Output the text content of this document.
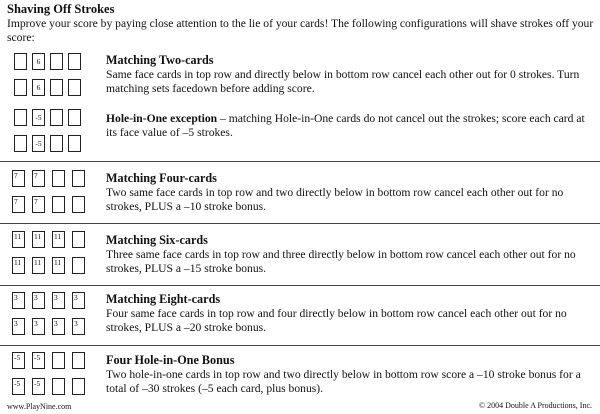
Shaving Off Strokes
Improve your score by paying close attention to the lie of your cards! The following configurations will shave strokes off your score:
6
6
Matching Two-cards
Same face cards in top row and directly below in bottom row cancel each other out for 0 strokes. Turn matching sets facedown before adding score.
-5
-5
Hole-in-One exception – matching Hole-in-One cards do not cancel out the strokes; score each card at its face value of –5 strokes.
7 7
7 7
Matching Four-cards
Two same face cards in top row and two directly below in bottom row cancel each other out for no strokes, PLUS a –10 stroke bonus.
11 11 11
11 11 11
Matching Six-cards
Three same face cards in top row and three directly below in bottom row cancel each other out for no strokes, PLUS a –15 stroke bonus.
3 3 3 3
3 3 3 3
Matching Eight-cards
Four same face cards in top row and four directly below in bottom row cancel each other out for no strokes, PLUS a –20 stroke bonus.
-5 -5
-5 -5
Four Hole-in-One Bonus
Two hole-in-one cards in top row and two directly below in bottom row score a –10 stroke bonus for a total of –30 strokes (–5 each card, plus bonus).
www.PlayNine.com	© 2004 Double A Productions, Inc.
